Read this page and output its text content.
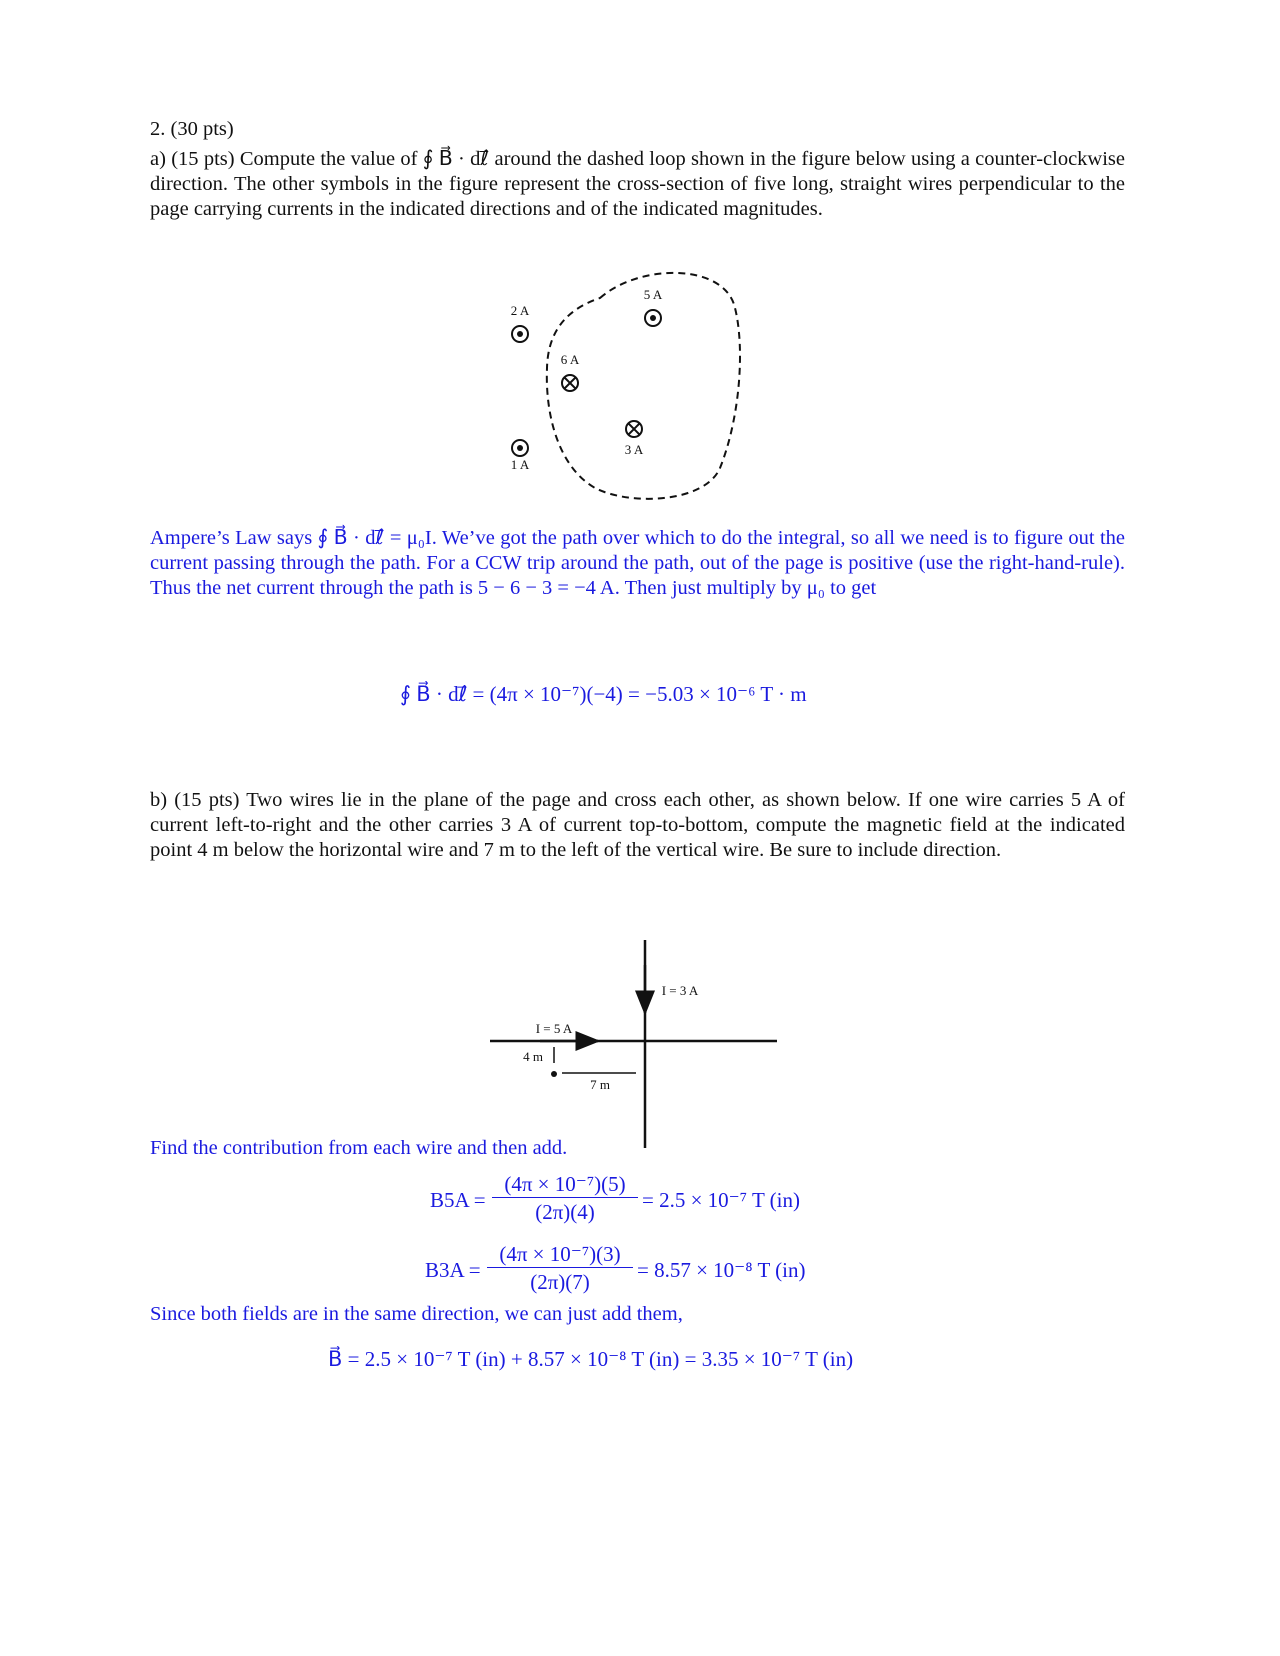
2. (30 pts)
a) (15 pts) Compute the value of ∮ B⃗ · dℓ⃗ around the dashed loop shown in the figure below using a counter-clockwise direction. The other symbols in the figure represent the cross-section of five long, straight wires perpendicular to the page carrying currents in the indicated directions and of the indicated magnitudes.
2 A
6 A
5 A
3 A
1 A
Ampere’s Law says ∮ B⃗ · dℓ⃗ = μ₀I. We’ve got the path over which to do the integral, so all we need is to figure out the current passing through the path. For a CCW trip around the path, out of the page is positive (use the right-hand-rule). Thus the net current through the path is 5 − 6 − 3 = −4 A. Then just multiply by μ₀ to get
∮ B⃗ · dℓ⃗ = (4π × 10⁻⁷)(−4) = −5.03 × 10⁻⁶ T · m
b) (15 pts) Two wires lie in the plane of the page and cross each other, as shown below. If one wire carries 5 A of current left-to-right and the other carries 3 A of current top-to-bottom, compute the magnetic field at the indicated point 4 m below the horizontal wire and 7 m to the left of the vertical wire. Be sure to include direction.
I = 3 A
I = 5 A
4 m
7 m
Find the contribution from each wire and then add.
$B5A = \frac{\text{(4π × 10⁻⁷)(5)}}{(2\pi)(4)} = 2.5 \times 10^{-7}$ T (in)
$B3A = \frac{\text{(4π × 10⁻⁷)(3)}}{(2\pi)(7)} = 8.57 \times 10^{-8}$ T (in)
Since both fields are in the same direction, we can just add them,
B⃗ = 2.5 × 10⁻⁷ T (in) + 8.57 × 10⁻⁸ T (in) = 3.35 × 10⁻⁷ T (in)
